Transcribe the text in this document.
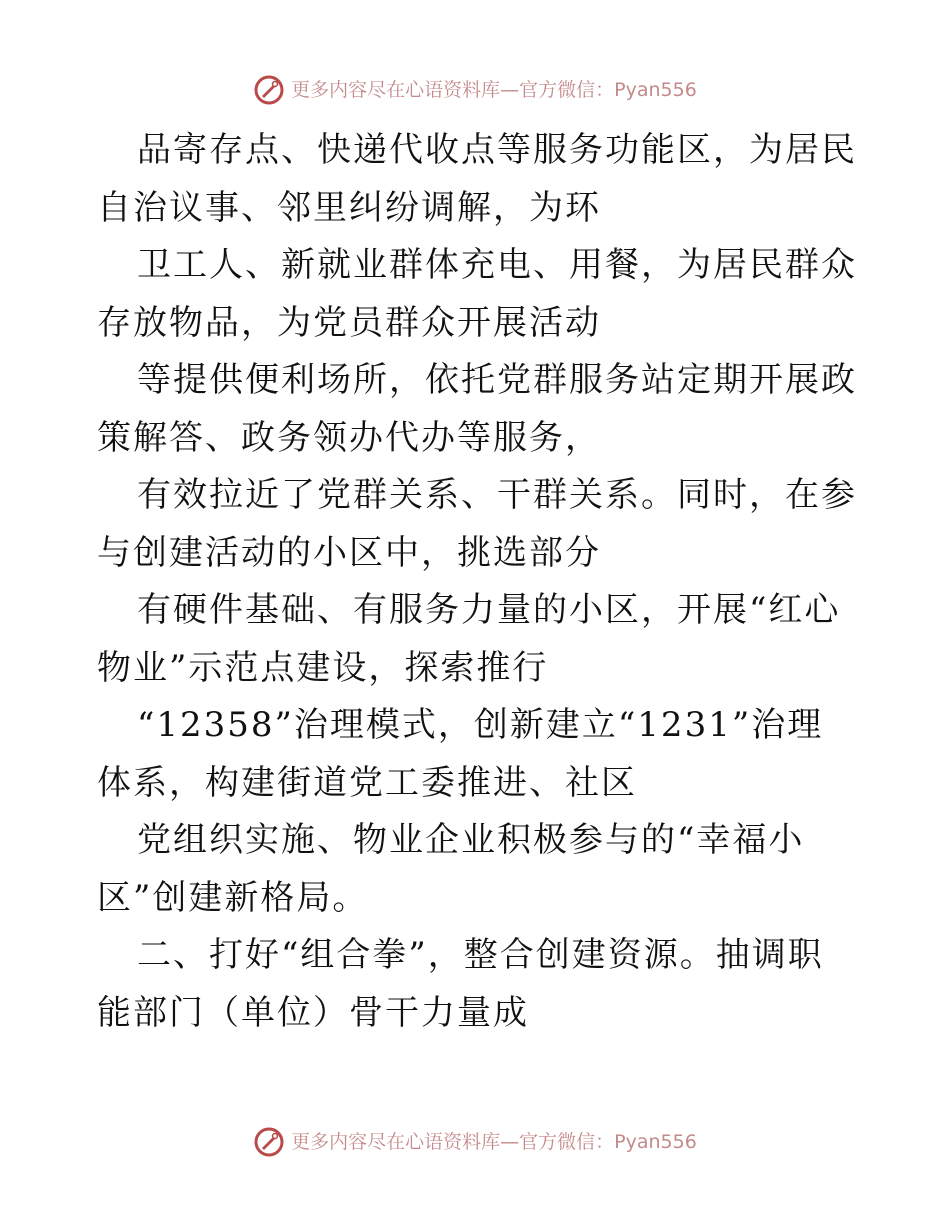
更多内容尽在心语资料库—官方微信：Pyan556

品寄存点、快递代收点等服务功能区，为居民自治议事、邻里纠纷调解，为环

卫工人、新就业群体充电、用餐，为居民群众存放物品，为党员群众开展活动

等提供便利场所，依托党群服务站定期开展政策解答、政务领办代办等服务，

有效拉近了党群关系、干群关系。同时，在参与创建活动的小区中，挑选部分

有硬件基础、有服务力量的小区，开展“红心物业”示范点建设，探索推行

“12358”治理模式，创新建立“1231”治理体系，构建街道党工委推进、社区

党组织实施、物业企业积极参与的“幸福小区”创建新格局。

二、打好“组合拳”，整合创建资源。抽调职能部门（单位）骨干力量成

更多内容尽在心语资料库—官方微信：Pyan556
